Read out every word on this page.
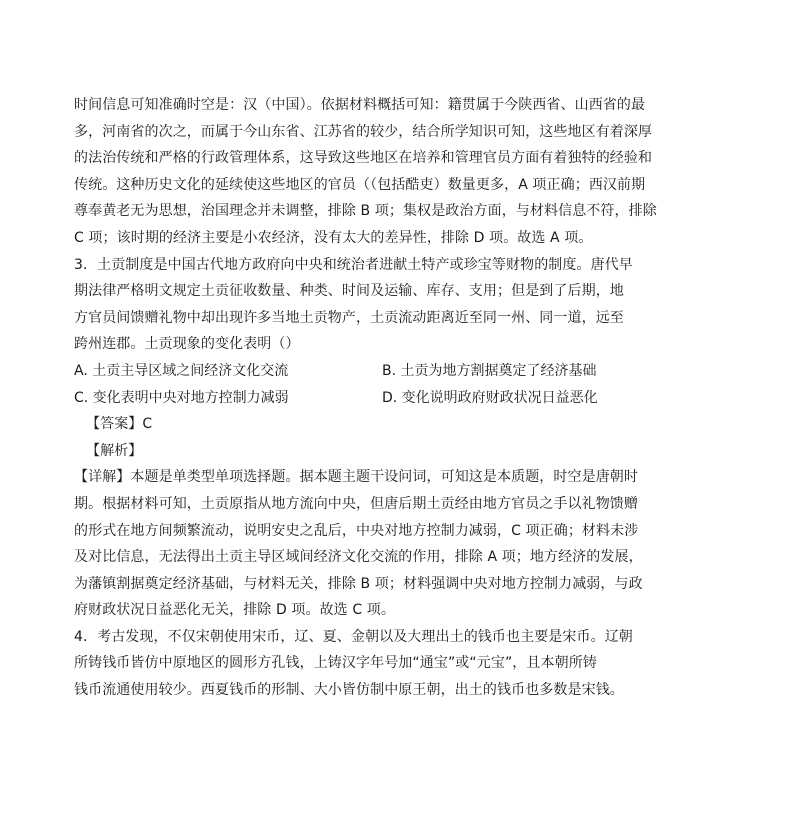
时间信息可知准确时空是：汉（中国）。依据材料概括可知：籍贯属于今陕西省、山西省的最
多，河南省的次之，而属于今山东省、江苏省的较少，结合所学知识可知，这些地区有着深厚
的法治传统和严格的行政管理体系，这导致这些地区在培养和管理官员方面有着独特的经验和
传统。这种历史文化的延续使这些地区的官员（（包括酷吏）数量更多，A 项正确；西汉前期
尊奉黄老无为思想，治国理念并未调整，排除 B 项；集权是政治方面，与材料信息不符，排除
C 项；该时期的经济主要是小农经济，没有太大的差异性，排除 D 项。故选 A 项。
3．土贡制度是中国古代地方政府向中央和统治者进献土特产或珍宝等财物的制度。唐代早
期法律严格明文规定土贡征收数量、种类、时间及运输、库存、支用；但是到了后期，地
方官员间馈赠礼物中却出现许多当地土贡物产，土贡流动距离近至同一州、同一道，远至
跨州连郡。土贡现象的变化表明（）
A. 土贡主导区域之间经济文化交流	B. 土贡为地方割据奠定了经济基础
C. 变化表明中央对地方控制力减弱	D. 变化说明政府财政状况日益恶化
【答案】C
【解析】
【详解】本题是单类型单项选择题。据本题主题干设问词，可知这是本质题，时空是唐朝时
期。根据材料可知，土贡原指从地方流向中央，但唐后期土贡经由地方官员之手以礼物馈赠
的形式在地方间频繁流动，说明安史之乱后，中央对地方控制力减弱，C 项正确；材料未涉
及对比信息，无法得出土贡主导区域间经济文化交流的作用，排除 A 项；地方经济的发展，
为藩镇割据奠定经济基础，与材料无关，排除 B 项；材料强调中央对地方控制力减弱，与政
府财政状况日益恶化无关，排除 D 项。故选 C 项。
4．考古发现，不仅宋朝使用宋币，辽、夏、金朝以及大理出土的钱币也主要是宋币。辽朝
所铸钱币皆仿中原地区的圆形方孔钱，上铸汉字年号加“通宝”或“元宝”，且本朝所铸
钱币流通使用较少。西夏钱币的形制、大小皆仿制中原王朝，出土的钱币也多数是宋钱。
